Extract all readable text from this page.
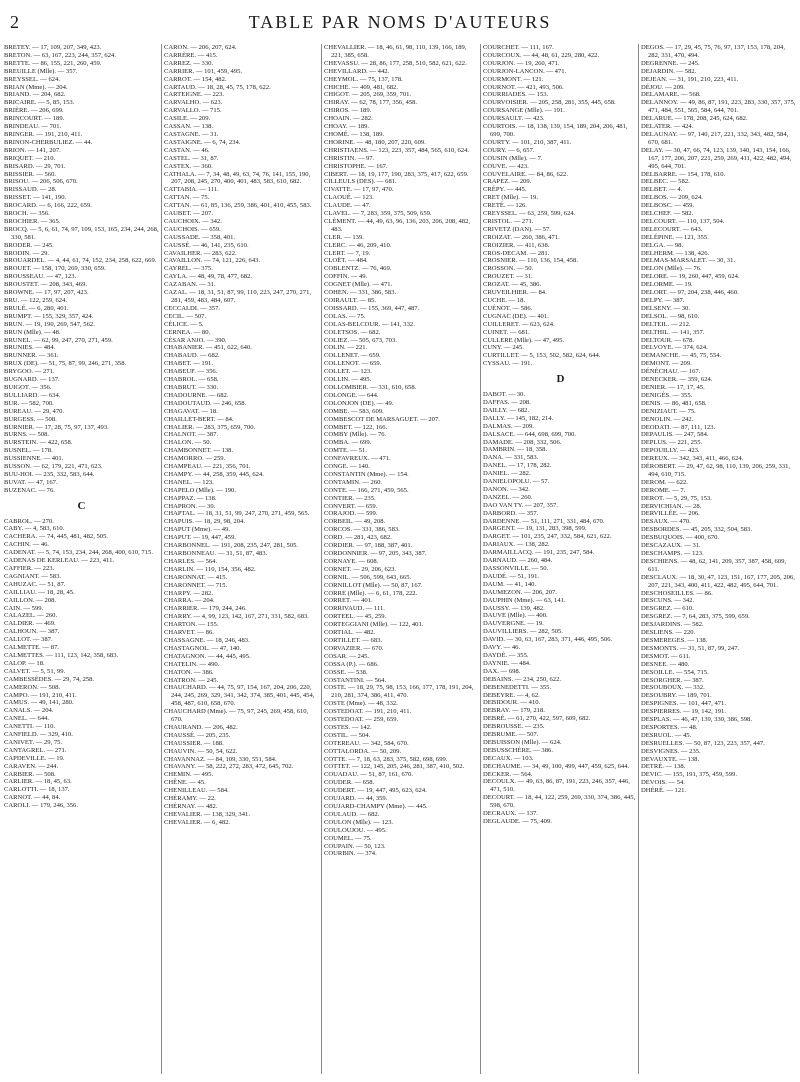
2	TABLE PAR NOMS D'AUTEURS

BRETEY. — 17, 109, 207, 349, 423.

BRETON. — 63, 167, 223, 244, 357, 624.

BRETTE. — 86, 155, 221, 260, 459.

BREUILLE (Mlle). — 357.

BREYSSEL. — 624.

BRIAN (Mme). — 204.

BRIAND. — 204, 682.

BRICAIRE. — 5, 85, 153.

BRIÈRE. — 206, 699.

BRINCOURT. — 189.

BRINDEAU. — 701.

BRINGER. — 191, 210, 411.

BRINON-CHERBULIEZ. — 44.

BRION. — 141, 207.

BRIQUET. — 210.

BRISARD. — 29, 701.

BRISSIER. — 560.

BRISOU. — 206, 506, 670.

BRISSAUD. — 28.

BRISSET. — 141, 190.

BROCARD. — 6, 166, 222, 659.

BROCH. — 356.

BROCHIER. — 365.

BROCQ. — 5, 6, 61, 74, 97, 109, 153, 165, 234, 244, 268, 330, 581.

BRODER. — 245.

BRODIN. — 29.

BROUARDEL. — 4, 44, 61, 74, 152, 234, 258, 622, 669.

BROUET. — 158, 170, 269, 330, 659.

BROUSSEAU. — 47, 123.

BROUSTET. — 208, 343, 469.

BROWNE. — 17, 97, 207, 423.

BRU. — 122, 259, 624.

BRULÉ. — 6, 280, 401.

BRUMPT. — 155, 329, 357, 424.

BRUN. — 19, 190, 269, 547, 562.

BRUN (Mlle). — 48.

BRUNEL. — 62, 99, 247, 270, 271, 459.

BRUNIES. — 484.

BRUNNER. — 361.

BRUX (DE). — 51, 75, 87, 99, 246, 271, 358.

BRYGOO. — 271.

BUGNARD. — 137.

BUIGOT. — 356.

BULLIARD. — 634.

BUR. — 582, 700.

BUREAU. — 29, 470.

BURGESS. — 508.

BURNIER. — 17, 28, 75, 97, 137, 493.

BURNS. — 508.

BURSTEIN. — 422, 658.

BUSNEL. — 178.

BUSSIENNE. — 401.

BUSSON. — 62, 179, 221, 471, 623.

BUU-HOI. — 235, 332, 583, 644.

BUVAT. — 47, 167.

BUZENAC. — 76.

C

CABROL. — 270.

CABY. — 4, 583, 610.

CACHERA. — 74, 445, 481, 482, 505.

CACHIN. — 46.

CADENAT. — 5, 74, 153, 234, 244, 268, 400, 610, 715.

CADENAS DE KERLEAU. — 223, 411.

CAFFIER. — 223.

CAGNIANT. — 583.

CAHUZAC. — 51, 87.

CAILLIAU. — 18, 28, 45.

CAILLON. — 208.

CAIN. — 599.

CALAZEL. — 260.

CALDIER. — 469.

CALHOUN. — 387.

CALLOT. — 387.

CALMETTE. — 87.

CALMETTES. — 111, 123, 142, 358, 683.

CALOP. — 18.

CALVET. — 5, 51, 99.

CAMBESSÈDES. — 29, 74, 258.

CAMERON. — 508.

CAMPO. — 191, 210, 411.

CAMUS. — 49, 141, 280.

CANALS. — 204.

CANEL. — 644.

CANETTI. — 110.

CANFIELD. — 329, 410.

CANIVET. — 29, 75.

CANTAGREL. — 271.

CAPDEVILLE. — 19.

CARAVEN. — 244.

CARBIER. — 508.

CARLIER. — 18, 45, 63.

CARLOTTI. — 18, 137.

CARNOT. — 44, 84.

CAROLI. — 179, 246, 356.

CARON. — 206, 207, 624.

CARRÈRE. — 415.

CARREZ. — 330.

CARRIER. — 101, 459, 495.

CARROT. — 154, 482.

CARTAUD. — 18, 28, 45, 75, 178, 622.

CARTEIGNE. — 223.

CARVALHO. — 623.

CARVALLO. — 715.

CASILE. — 209.

CASSAN. — 138.

CASTAGNE. — 31.

CASTAIGNE. — 6, 74, 234.

CASTAN. — 46.

CASTEL. — 31, 87.

CASTEX. — 360.

CATHALA. — 7, 34, 48, 49, 63, 74, 76, 141, 155, 190, 207, 208, 245, 270, 400, 401, 483, 583, 610, 682.

CATTABIA. — 111.

CATTAN. — 75.

CATTAN. — 61, 85, 136, 259, 386, 401, 410, 455, 583.

CAUBET. — 207.

CAUCHOIX. — 342.

CAUCHOIS. — 659.

CAUSSADE. — 358, 401.

CAUSSÉ. — 46, 141, 235, 610.

CAVAILHER. — 283, 622.

CAVAILLON. — 74, 121, 226, 643.

CAYREL. — 375.

CAYLA. — 48, 49, 78, 477, 682.

CAZABAN. — 31.

CAZAL. — 18, 31, 51, 87, 99, 110, 223, 247, 270, 271, 281, 459, 483, 484, 607.

CECCALDI. — 357.

CECIL. — 507.

CÉLICE. — 5.

CERNEA. — 80.

CÉSAR ANJO. — 390.

CHABANIER. — 451, 622, 640.

CHABAUD. — 682.

CHABET. — 191.

CHABEUF. — 356.

CHABROL. — 658.

CHABRUT. — 330.

CHADOURNE. — 682.

CHADOUTAUD. — 246, 658.

CHAGAVAT. — 18.

CHAILLET-BERT. — 84.

CHALIER. — 283, 375, 659, 700.

CHALNOT. — 387.

CHALON. — 50.

CHAMBONNET. — 138.

CHAMORRO. — 259.

CHAMPEAU. — 221, 356, 701.

CHAMPY. — 44, 258, 359, 445, 624.

CHANEL. — 123.

CHAPELO (Mlle). — 190.

CHAPPAZ. — 138.

CHAPRON. — 30.

CHAPTAL. — 18, 31, 51, 99, 247, 270, 271, 459, 565.

CHAPUIS. — 18, 29, 98, 204.

CHAPUT (Mme). — 49.

CHAPUT. — 19, 447, 459.

CHARBONNEL. — 191, 208, 235, 247, 281, 505.

CHARBONNEAU. — 31, 51, 87, 483.

CHARLES. — 564.

CHARLIN. — 110, 154, 356, 482.

CHARONNAT. — 415.

CHARONNET. — 715.

CHARPY. — 282.

CHARRA. — 204.

CHARRIER. — 179, 244, 246.

CHARRY. — 4, 99, 123, 142, 167, 271, 331, 582, 683.

CHARTON. — 155.

CHARVET. — 86.

CHASSAGNE. — 18, 246, 483.

CHASTAGNOL. — 47, 140.

CHATAGNON. — 44, 445, 495.

CHATELIN. — 490.

CHATON. — 386.

CHATRON. — 245.

CHAUCHARD. — 44, 75, 97, 154, 167, 204, 206, 220, 244, 245, 269, 329, 341, 342, 374, 385, 401, 445, 454, 458, 487, 610, 658, 670.

CHAUCHARD (Mme). — 75, 97, 245, 269, 458, 610, 670.

CHAURAND. — 206, 482.

CHAUSSÉ. — 205, 235.

CHAUSSIER. — 188.

CHAUVIN. — 50, 54, 622.

CHAVANNAZ. — 84, 109, 330, 551, 584.

CHAVANY. — 58, 222, 272, 283, 472, 645, 702.

CHEMIN. — 495.

CHÊNE. — 45.

CHENILLEAU. — 584.

CHÉRAMY. — 22.

CHÉRNAY. — 482.

CHEVALIER. — 138, 329, 341.

CHEVALIER. — 6, 482.

CHEVALLIER. — 18, 46, 61, 98, 110, 139, 166, 189, 221, 385, 658.

CHEVASSU. — 28, 86, 177, 258, 510, 582, 621, 622.

CHEVILLARD. — 442.

CHEYMOL. — 75, 137, 178.

CHICHE. — 409, 481, 682.

CHIGOT. — 205, 269, 359, 701.

CHIRAY. — 62, 78, 177, 356, 458.

CHIROS. — 189.

CHOAIN. — 282.

CHOAY. — 189.

CHOMÉ. — 138, 189.

CHORINE. — 48, 180, 207, 220, 609.

CHRISTIAENS. — 123, 223, 357, 484, 565, 610, 624.

CHRISTIN. — 97.

CHRISTOPHE. — 167.

CIBERT. — 18, 19, 177, 190, 283, 375, 417, 622, 659.

CILLEULS (DES). — 681.

CIVATTE. — 17, 97, 470.

CLAOUÉ. — 123.

CLAUDE. — 47.

CLAVEL. — 7, 283, 359, 375, 509, 659.

CLÉMENT. — 44, 49, 63, 96, 136, 203, 206, 208, 482, 483.

CLER. — 139.

CLERC. — 46, 209, 410.

CLERT. — 7, 19.

CLOËT. — 484.

COBLENTZ. — 76, 469.

COFFIN. — 49.

COGNET (Mlle). — 471.

COHEN. — 331, 386, 583.

COIRAULT. — 85.

COISSARD. — 155, 369, 447, 487.

COLAS. — 75.

COLAS-BELCOUR. — 141, 332.

COLETSOS. — 682.

COLIEZ. — 505, 673, 703.

COLIN. — 221.

COLLENET. — 659.

COLLENOT. — 659.

COLLET. — 123.

COLLIN. — 495.

COLLOMBIER. — 331, 610, 658.

COLONGE. — 644.

COLONJON (DE). — 49.

COMBE. — 583, 609.

COMBESCOT DE MARSAGUET. — 207.

COMBET. — 122, 166.

COMBY (Mlle). — 76.

COMBA. — 699.

COMTE. — 51.

CONFAVREUX. — 471.

CONGE. — 140.

CONSTANTIN (Mme). — 154.

CONTAMIN. — 260.

CONTE. — 166, 271, 459, 565.

CONTIER. — 235.

CONVERT. — 659.

CORAJOD. — 599.

CORBEIL. — 49, 208.

CORCOS. — 331, 386, 583.

CORD. — 281, 423, 682.

CORDIER. — 97, 188, 387, 401.

CORDONNIER. — 97, 205, 343, 387.

CORNAYE. — 608.

CORNET. — 29, 206, 623.

CORNIL. — 506, 599, 643, 665.

CORNILLOT (Mlle). — 50, 87, 167.

CORRE (Mlle). — 6, 61, 178, 222.

CORRET. — 401.

CORRIVAUD. — 111.

CORTEEL. — 45, 259.

CORTEGGIANI (Mlle). — 122, 401.

CORTIAL. — 482.

CORTILLET. — 683.

CORVAZIER. — 670.

COSAR. — 245.

COSSA (P.). — 686.

COSSE. — 538.

COSTANTINI. — 564.

COSTE. — 18, 29, 75, 98, 153, 166, 177, 178, 191, 204, 210, 281, 374, 386, 411, 470.

COSTE (Mme). — 48, 332.

COSTEDOAT. — 191, 210, 411.

COSTEDOAT. — 259, 659.

COSTES. — 142.

COSTIL. — 504.

COTEREAU. — 342, 584, 670.

COTTALORDA. — 50, 209.

COTTE. — 7, 18, 63, 283, 375, 582, 698, 699.

COTTET. — 122, 145, 205, 246, 281, 387, 410, 502.

COUADAU. — 51, 87, 161, 670.

COUDER. — 658.

COUDERT. — 19, 447, 495, 623, 624.

COUJARD. — 44, 359.

COUJARD-CHAMPY (Mme). — 445.

COULAUD. — 682.

COULON (Mlle). — 123.

COULOUJOU. — 495.

COUMEL. — 75.

COUPAIN. — 50, 123.

COURBIN. — 374.

COURCHET. — 111, 167.

COURCOUX. — 44, 48, 61, 229, 280, 422.

COURJON. — 19, 260, 471.

COURJON-LANCON. — 471.

COURMONT. — 121.

COURNOT. — 421, 493, 506.

COURRIADES. — 153.

COURVOISIER. — 205, 258, 281, 355, 445, 658.

COURSANGE (Mlle). — 191.

COURSAULT. — 423.

COURTOIS. — 18, 138, 139, 154, 189, 204, 206, 481, 699, 700.

COURTY. — 101, 210, 387, 411.

COURY. — 6, 657.

COUSIN (Mlle). — 7.

COUVE. — 423.

COUVELAIRE. — 84, 86, 622.

CRAPEZ. — 209.

CRÉPY. — 445.

CRET (Mlle). — 19.

CRETÉ. — 126.

CREYSSEL. — 63, 259, 599, 624.

CRISTOL. — 271.

CRIVETZ (DAN). — 57.

CROIZAT. — 260, 386, 471.

CROIZIER. — 411, 638.

CROS-DECAM. — 281.

CROSNIER. — 110, 136, 154, 458.

CROSSON. — 50.

CROUZET. — 31.

CROZAT. — 45, 386.

CRUVEILHIER. — 84.

CUCHE. — 18.

CUÉNOT. — 586.

CUGNAC (DE). — 401.

CUILLERET. — 623, 624.

CUINET. — 681.

CULLERE (Mlle). — 47, 495.

CUNY. — 245.

CURTILLET. — 5, 153, 502, 582, 624, 644.

CYSSAU. — 191.

D

DABOT. — 30.

DAFFAS. — 208.

DAILLY. — 682.

DALLY. — 145, 182, 214.

DALMAS. — 209.

DALSACE. — 644, 698, 699, 700.

DAMADE. — 208, 332, 506.

DAMBRIN. — 18, 358.

DANA. — 331, 583.

DANEL. — 17, 178, 282.

DANIEL. — 282.

DANIELOPOLU. — 57.

DANON. — 342.

DANZEL. — 260.

DAO VAN TY. — 207, 357.

DARBORD. — 357.

DARDENNE. — 51, 111, 271, 331, 484, 670.

DARGENT. — 19, 131, 283, 398, 599.

DARGET. — 101, 235, 247, 332, 584, 621, 622.

DARIAUX. — 138, 282.

DARMAILLACQ. — 191, 235, 247, 584.

DARNAUD. — 260, 484.

DASSONVILLE. — 50.

DAUDÉ. — 51, 191.

DAUM. — 41, 140.

DAUMEZON. — 206, 207.

DAUPHIN (Mme). — 63, 141.

DAUSSY. — 139, 482.

DAUVE (Mlle). — 400.

DAUVERGNE. — 19.

DAUVILLIERS. — 282, 505.

DAVID. — 30, 63, 167, 283, 371, 446, 495, 506.

DAVY. — 46.

DAYDÉ. — 355.

DAYNIE. — 484.

DAX. — 698.

DEBAINS. — 234, 250, 622.

DEBENEDETTI. — 355.

DEBEYRE. — 4, 62.

DEBIDOUR. — 410.

DEBRAY. — 179, 218.

DEBRÉ. — 61, 270, 422, 597, 609, 682.

DEBROUSSE. — 235.

DEBRUME. — 507.

DEBUISSON (Mlle). — 624.

DEBUSSCHÈRE. — 386.

DECAUX. — 103.

DECHAUME. — 34, 49, 100, 499, 447, 459, 625, 644.

DECKER. — 564.

DECOULX. — 49, 63, 86, 87, 191, 223, 246, 357, 446, 471, 510.

DECOURT. — 18, 44, 122, 259, 269, 330, 374, 386, 445, 598, 670.

DECRAUX. — 137.

DEGLAUDE. — 75, 409.

DEGOS. — 17, 29, 45, 75, 76, 97, 137, 153, 178, 204, 282, 331, 470, 494.

DEGRENNE. — 245.

DEJARDIN. — 582.

DEJEAN. — 31, 191, 210, 223, 411.

DÉJOU. — 209.

DELAMARE. — 568.

DELANNOY. — 49, 86, 87, 191, 223, 283, 330, 357, 375, 471, 484, 551, 565, 584, 644, 701.

DELARUE. — 178, 208, 245, 624, 682.

DELATER. — 424.

DELAUNAY. — 97, 140, 217, 221, 332, 343, 482, 584, 670, 681.

DELAY. — 30, 47, 66, 74, 123, 139, 140, 143, 154, 166, 167, 177, 206, 207, 221, 259, 269, 411, 422, 482, 494, 495, 644, 701.

DELBARRE. — 154, 178, 610.

DELBEC. — 582.

DELBET. — 4.

DELBOS. — 209, 624.

DELBOSC. — 459.

DELCHEF. — 582.

DELCOURT. — 110, 137, 504.

DELECOURT. — 643.

DELÉPINE. — 121, 355.

DELGA. — 98.

DELHERM. — 138, 426.

DELMAS-MARSALET. — 30, 31.

DELON (Mlle). — 76.

DELORE. — 19, 260, 447, 459, 624.

DELORME. — 19.

DELORT. — 97, 204, 238, 446, 460.

DELPY. — 387.

DELSENY. — 30.

DELSOL. — 98, 610.

DELTEIL. — 212.

DELTHIL. — 141, 357.

DELTOUR. — 678.

DELVOYE. — 374, 624.

DEMANCHE. — 45, 75, 554.

DEMONT. — 209.

DÉNÉCHAU. — 167.

DENECKER. — 359, 624.

DENIER. — 17, 17, 45.

DENIGÈS. — 355.

DENIS. — 86, 481, 658.

DENIZIAUT. — 75.

DENOLIN. — 242.

DEODATI. — 87, 111, 123.

DEPAULIS. — 247, 584.

DEPLUS. — 221, 255.

DEPOUILLY. — 423.

DEREUX. — 342, 343, 411, 466, 624.

DÉROBERT. — 29, 47, 62, 98, 110, 139, 206, 259, 331, 494, 610, 715.

DEROM. — 622.

DEROME. — 7.

DEROT. — 5, 29, 75, 153.

DERVICHIAN. — 28.

DERVILLÉE. — 206.

DESAUX. — 470.

DESBORDES. — 45, 205, 332, 504, 583.

DESBUQUOIS. — 400, 670.

DESCAZAUX. — 31.

DESCHAMPS. — 123.

DESCHIENS. — 48, 62, 141, 209, 357, 387, 458, 609, 611.

DESCLAUX. — 18, 30, 47, 123, 151, 167, 177, 205, 206, 207, 221, 343, 400, 411, 422, 482, 495, 644, 701.

DESCHOSEILLES. — 86.

DESCUNS. — 342.

DESGREZ. — 610.

DESGREZ. — 7, 64, 283, 375, 599, 659.

DESJARDINS. — 582.

DESLIENS. — 220.

DESMEREGES. — 138.

DESMONTS. — 31, 51, 87, 99, 247.

DESMOT. — 611.

DESNEE. — 480.

DESOILLE. — 554, 715.

DESORGHER. — 387.

DESOUBOUX. — 332.

DESOUBRY. — 189, 701.

DESPIGNES. — 101, 447, 471.

DESPIERRES. — 19, 142, 191.

DESPLAS. — 46, 47, 139, 330, 386, 598.

DESPORTES. — 48.

DESRUOL. — 45.

DESRUELLES. — 50, 87, 123, 223, 357, 447.

DESVIGNES. — 235.

DEVAUXTE. — 138.

DETRÉ. — 138.

DEVIC. — 155, 191, 375, 459, 599.

DEVOIS. — 54.

DHÉRÉ. — 121.
